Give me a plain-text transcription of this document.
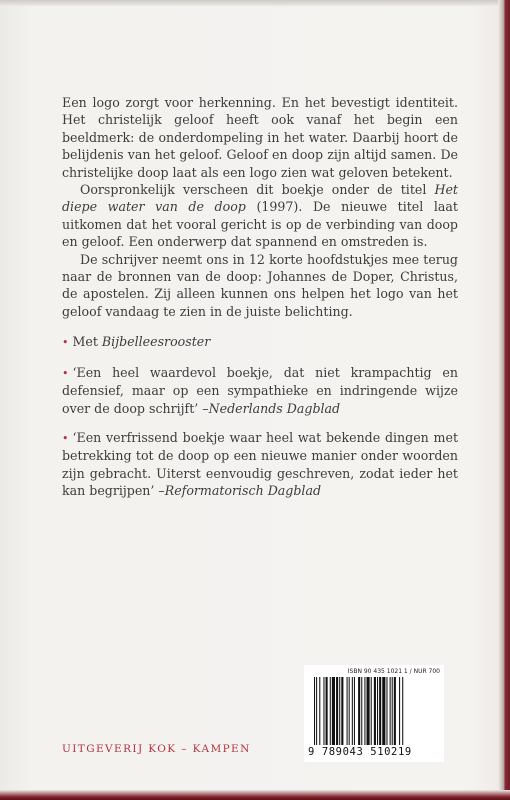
Een logo zorgt voor herkenning. En het bevestigt identiteit. Het christelijk geloof heeft ook vanaf het begin een beeldmerk: de onderdompeling in het water. Daarbij hoort de belijdenis van het geloof. Geloof en doop zijn altijd samen. De christelijke doop laat als een logo zien wat geloven betekent.

Oorspronkelijk verscheen dit boekje onder de titel Het diepe water van de doop (1997). De nieuwe titel laat uitkomen dat het vooral gericht is op de verbinding van doop en geloof. Een onderwerp dat spannend en omstreden is.

De schrijver neemt ons in 12 korte hoofdstukjes mee terug naar de bronnen van de doop: Johannes de Doper, Christus, de apostelen. Zij alleen kunnen ons helpen het logo van het geloof vandaag te zien in de juiste belichting.

• Met Bijbelleesrooster

• ‘Een heel waardevol boekje, dat niet krampachtig en defensief, maar op een sympathieke en indringende wijze over de doop schrijft’ –Nederlands Dagblad

• ‘Een verfrissend boekje waar heel wat bekende dingen met betrekking tot de doop op een nieuwe manier onder woorden zijn gebracht. Uiterst eenvoudig geschreven, zodat ieder het kan begrijpen’ –Reformatorisch Dagblad

ISBN 90 435 1021 1 / NUR 700
9 789043 510219
UITGEVERIJ KOK – KAMPEN
